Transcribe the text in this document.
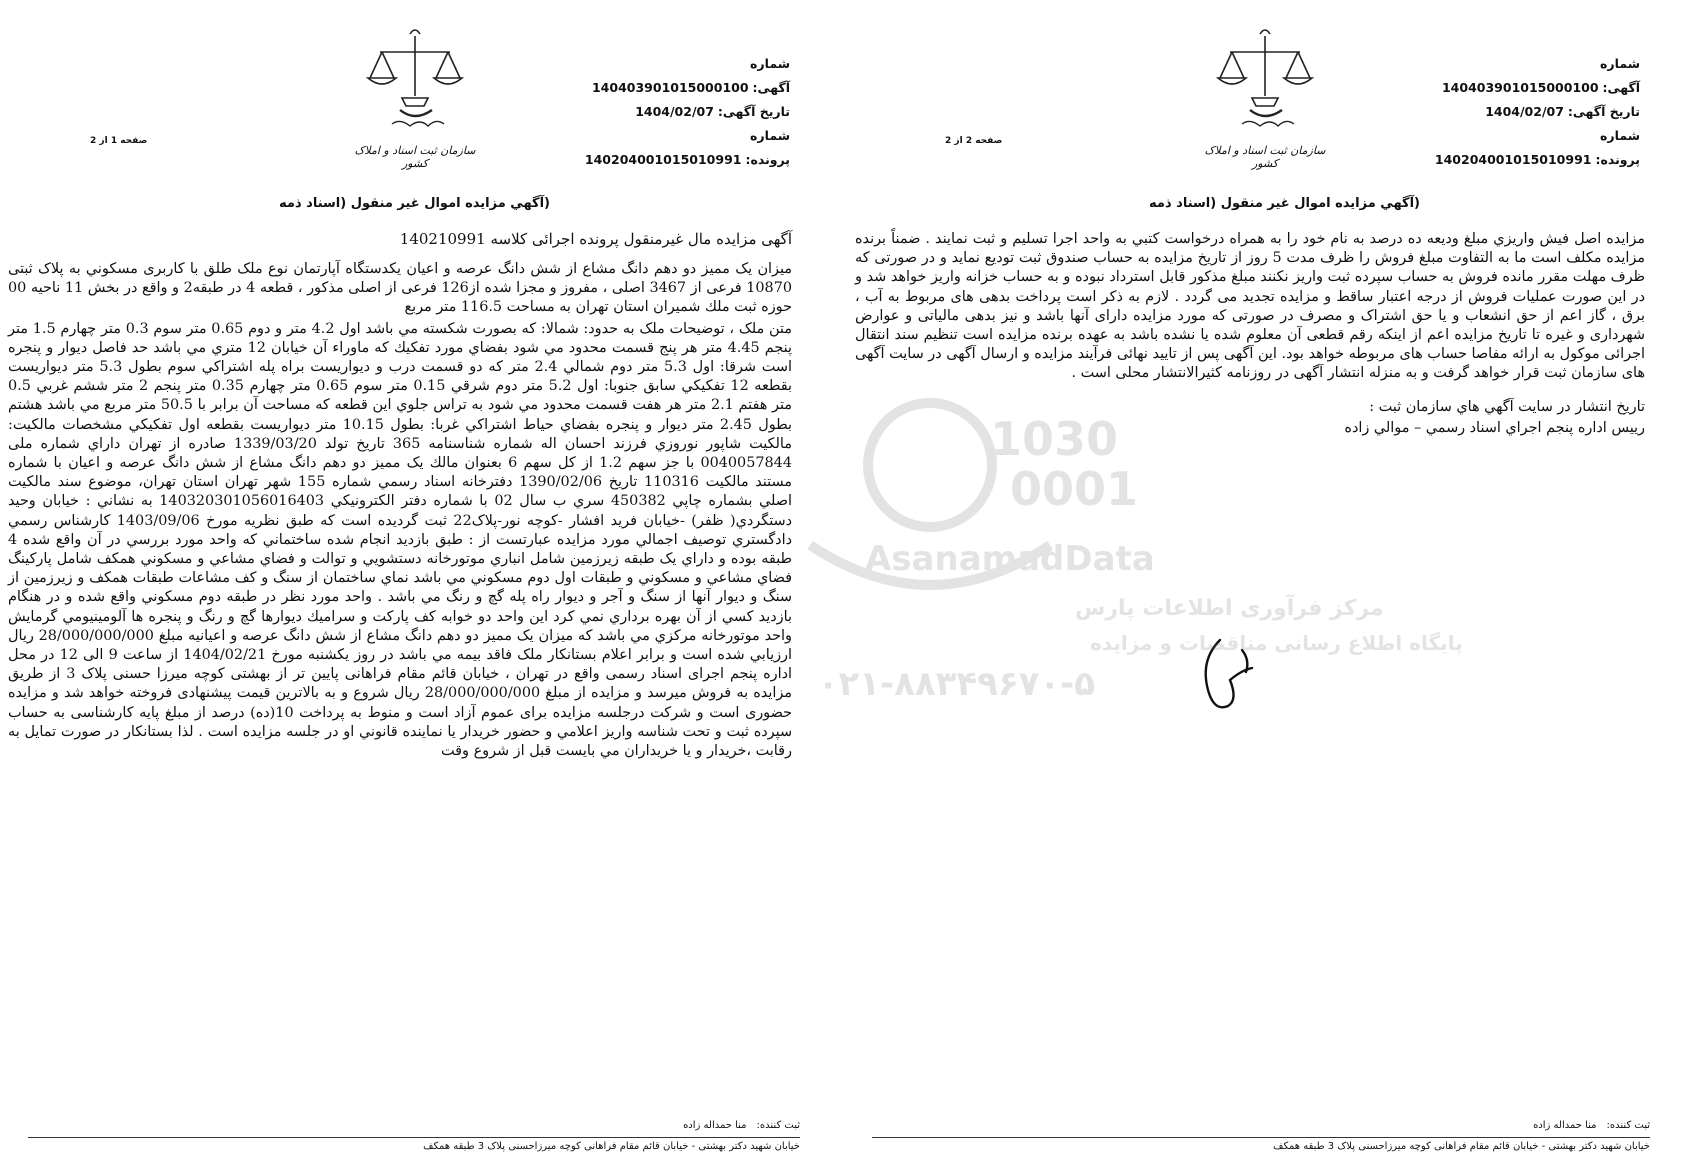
شماره آگهی:140403901015000100
تاریخ آگهی:1404/02/07
شماره پرونده:140204001015010991
سازمان ثبت اسناد و املاک کشور
صفحه 1 از 2
(آگهي مزايده اموال غير منقول (اسناد ذمه
آگهی مزایده مال غیرمنقول پرونده اجرائی کلاسه 140210991

میزان یک ممیز دو دهم دانگ مشاع از شش دانگ عرصه و اعیان یکدستگاه آپارتمان نوع ملک طلق با کاربری مسکوني به پلاک ثبتی 10870 فرعی از 3467 اصلی ، مفروز و مجزا شده از126 فرعی از اصلی مذکور ، قطعه 4 در طبقه2 و واقع در بخش 11 ناحیه 00 حوزه ثبت ملك شمیران استان تهران به مساحت 116.5 متر مربع

متن ملک ، توضیحات ملک به حدود: شمالا: که بصورت شکسته مي باشد اول 4.2 متر و دوم 0.65 متر سوم 0.3 متر چهارم 1.5 متر پنجم 4.45 متر هر پنج قسمت محدود مي شود بفضاي مورد تفكيك كه ماوراء آن خیابان 12 متري مي باشد حد فاصل ديوار و پنجره است شرقا: اول 5.3 متر دوم شمالي 2.4 متر كه دو قسمت درب و ديواريست براه پله اشتراكي سوم بطول 5.3 متر ديواريست بقطعه 12 تفكيكي سابق جنوبا: اول 5.2 متر دوم شرقي 0.15 متر سوم 0.65 متر چهارم 0.35 متر پنجم 2 متر ششم غربي 0.5 متر هفتم 2.1 متر هر هفت قسمت محدود مي شود به تراس جلوي اين قطعه كه مساحت آن برابر با 50.5 متر مربع مي باشد هشتم بطول 2.45 متر ديوار و پنجره بفضاي حياط اشتراكي غربا: بطول 10.15 متر ديواريست بقطعه اول تفكيكي مشخصات مالكيت: مالكيت شاپور نوروزي فرزند احسان اله شماره شناسنامه 365 تاريخ تولد 1339/03/20 صادره از تهران داراي شماره ملی 0040057844 با جز سهم 1.2 از کل سهم 6 بعنوان مالك يک ممیز دو دهم دانگ مشاع از شش دانگ عرصه و اعيان با شماره مستند مالکيت 110316 تاريخ 1390/02/06 دفترخانه اسناد رسمي شماره 155 شهر تهران استان تهران، موضوع سند مالكيت اصلي بشماره چاپي 450382 سري ب سال 02 با شماره دفتر الكترونيكي 140320301056016403 به نشاني : خيابان وحيد دستگردي( ظفر) -خيابان فريد افشار -کوچه نور-پلاک22 ثبت گرديده است كه طبق نظريه مورخ 1403/09/06 كارشناس رسمي دادگستري توصيف اجمالي مورد مزايده عبارتست از : طبق بازديد انجام شده ساختماني كه واحد مورد بررسي در آن واقع شده 4 طبقه بوده و داراي يک طبقه زيرزمين شامل انباري موتورخانه دستشويي و توالت و فضاي مشاعي و مسكوني همكف شامل پاركينگ فضاي مشاعي و مسكوني و طبقات اول دوم مسكوني مي باشد نماي ساختمان از سنگ و کف مشاعات طبقات همکف و زيرزمين از سنگ و ديوار آنها از سنگ و آجر و ديوار راه پله گچ و رنگ مي باشد . واحد مورد نظر در طبقه دوم مسكوني واقع شده و در هنگام بازديد كسي از آن بهره برداري نمي كرد اين واحد دو خوابه كف پاركت و سراميك ديوارها گچ و رنگ و پنجره ها آلومينيومي گرمايش واحد موتورخانه مركزي مي باشد كه ميزان يک ممیز دو دهم دانگ مشاع از شش دانگ عرصه و اعيانيه مبلغ 28/000/000/000 ريال ارزيابي شده است و برابر اعلام بستانكار ملک فاقد بيمه مي باشد در روز يكشنبه مورخ 1404/02/21 از ساعت 9 الی 12 در محل اداره پنجم اجرای اسناد رسمی واقع در تهران ، خیابان قائم مقام فراهانی پایین تر از بهشتی کوچه میرزا حسنی پلاک 3 از طریق مزایده به فروش میرسد و مزایده از مبلغ 28/000/000/000 ریال شروع و به بالاترین قیمت پیشنهادی فروخته خواهد شد و مزایده حضوری است و شرکت درجلسه مزایده برای عموم آزاد است و منوط به پرداخت 10(ده) درصد از مبلغ پایه کارشناسی به حساب سپرده ثبت و تحت شناسه واریز اعلامي و حضور خريدار يا نماينده قانوني او در جلسه مزايده است . لذا بستانكار در صورت تمایل به رقابت ،خريدار و يا خريداران مي بايست قبل از شروع وقت

ثبت کننده:منا حمداله زاده
خیابان شهید دکتر بهشتی - خیابان قائم مقام فراهانی کوچه میرزاحسنی پلاک 3 طبقه همکف
شماره آگهی:140403901015000100
تاریخ آگهی:1404/02/07
شماره پرونده:140204001015010991
سازمان ثبت اسناد و املاک کشور
صفحه 2 از 2
(آگهي مزايده اموال غير منقول (اسناد ذمه

مزايده اصل فيش واريزي مبلغ وديعه ده درصد به نام خود را به همراه درخواست کتبي به واحد اجرا تسليم و ثبت نمایند . ضمناً برنده مزایده مکلف است ما به التفاوت مبلغ فروش را ظرف مدت 5 روز از تاريخ مزايده به حساب صندوق ثبت توديع نمايد و در صورتی که ظرف مهلت مقرر مانده فروش به حساب سپرده ثبت واريز نکنند مبلغ مذکور قابل استرداد نبوده و به حساب خزانه واریز خواهد شد و در این صورت عملیات فروش از درجه اعتبار ساقط و مزایده تجدید می گردد . لازم به ذکر است پرداخت بدهی های مربوط به آب ، برق ، گاز اعم از حق انشعاب و یا حق اشتراک و مصرف در صورتی که مورد مزایده دارای آنها باشد و نیز بدهی مالیاتی و عوارض شهرداری و غیره تا تاریخ مزایده اعم از اینکه رقم قطعی آن معلوم شده یا نشده باشد به عهده برنده مزایده است تنظیم سند انتقال اجرائی موکول به ارائه مفاصا حساب های مربوطه خواهد بود. این آگهی پس از تایید نهائی فرآیند مزایده و ارسال آگهی در سایت آگهی های سازمان ثبت قرار خواهد گرفت و به منزله انتشار آگهی در روزنامه کثیرالانتشار محلی است .

تاريخ انتشار در سايت آگهي هاي سازمان ثبت :

رييس اداره پنجم اجراي اسناد رسمي – موالي زاده

ثبت کننده:منا حمداله زاده
خیابان شهید دکتر بهشتی - خیابان قائم مقام فراهانی کوچه میرزاحسنی پلاک 3 طبقه همکف
